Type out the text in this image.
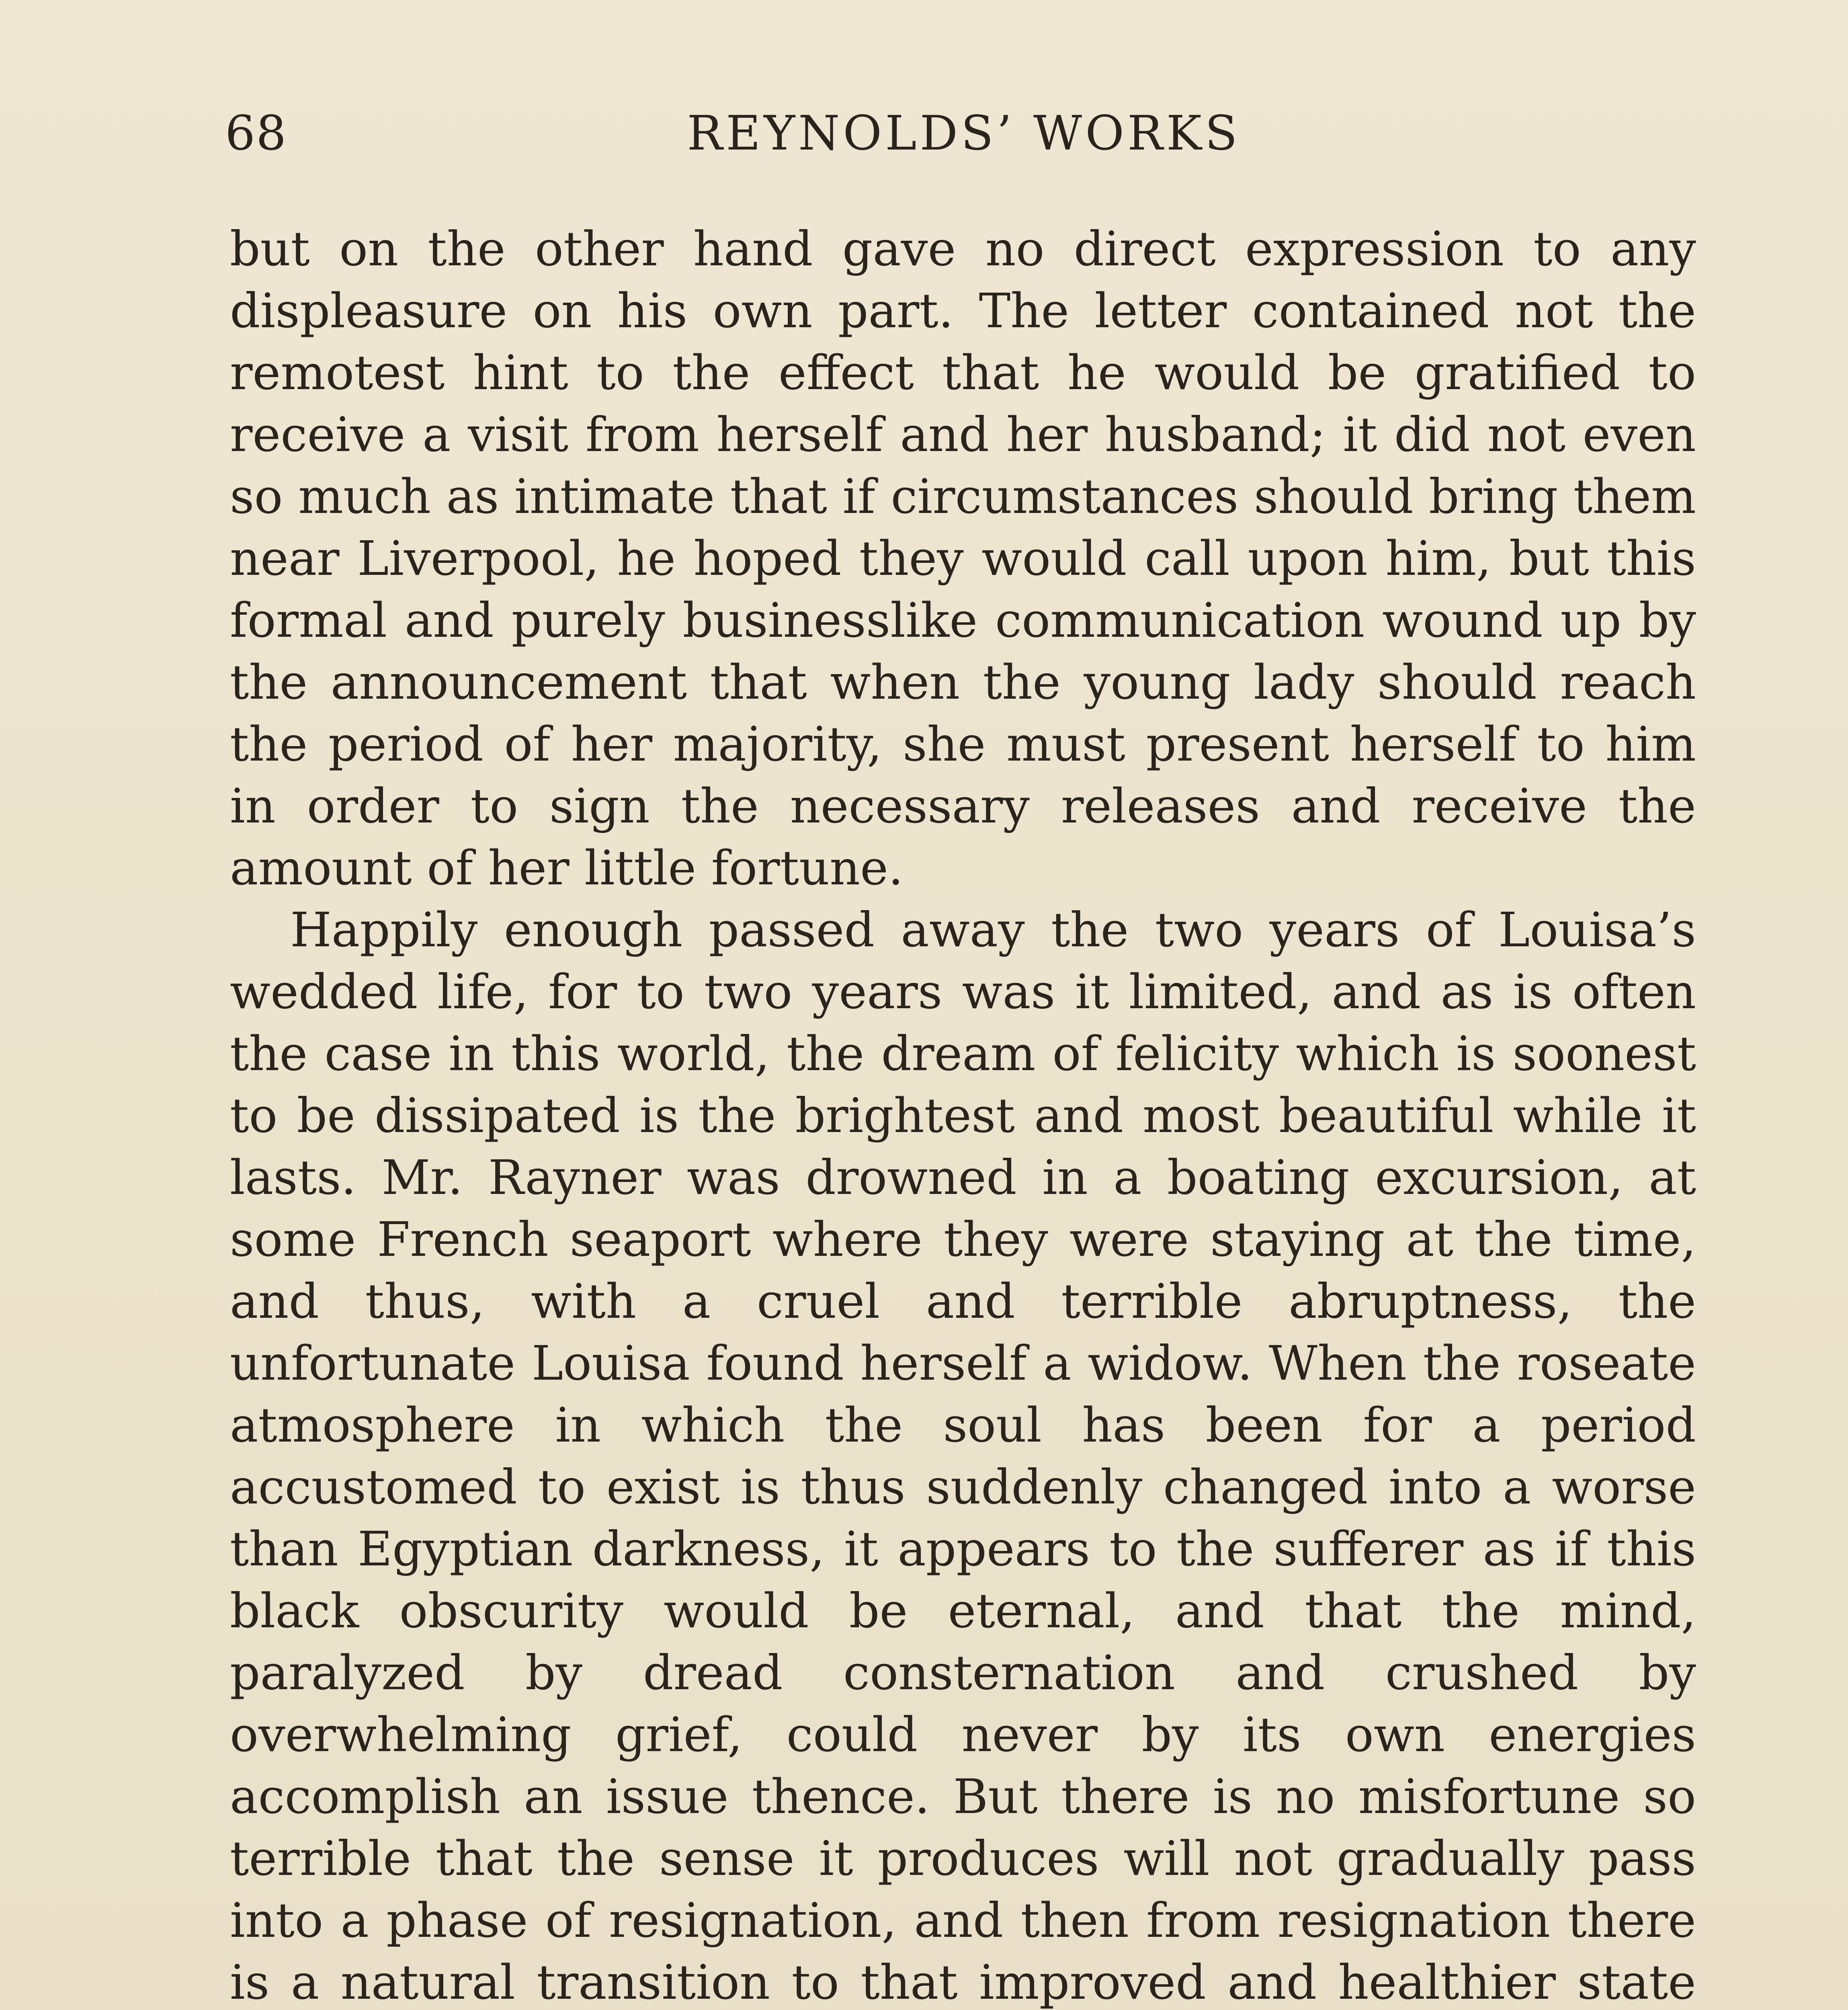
68	REYNOLDS’ WORKS

but on the other hand gave no direct expression to any displeasure on his own part. The letter contained not the remotest hint to the effect that he would be gratified to receive a visit from herself and her husband; it did not even so much as intimate that if circumstances should bring them near Liverpool, he hoped they would call upon him, but this formal and purely businesslike communication wound up by the announcement that when the young lady should reach the period of her majority, she must present herself to him in order to sign the necessary releases and receive the amount of her little fortune.

Happily enough passed away the two years of Louisa’s wedded life, for to two years was it limited, and as is often the case in this world, the dream of felicity which is soonest to be dissipated is the brightest and most beautiful while it lasts. Mr. Rayner was drowned in a boating excursion, at some French seaport where they were staying at the time, and thus, with a cruel and terrible abruptness, the unfortunate Louisa found herself a widow. When the roseate atmosphere in which the soul has been for a period accustomed to exist is thus suddenly changed into a worse than Egyptian darkness, it appears to the sufferer as if this black obscurity would be eternal, and that the mind, paralyzed by dread consternation and crushed by overwhelming grief, could never by its own energies accomplish an issue thence. But there is no misfortune so terrible that the sense it produces will not gradually pass into a phase of resignation, and then from resignation there is a natural transition to that improved and healthier state
